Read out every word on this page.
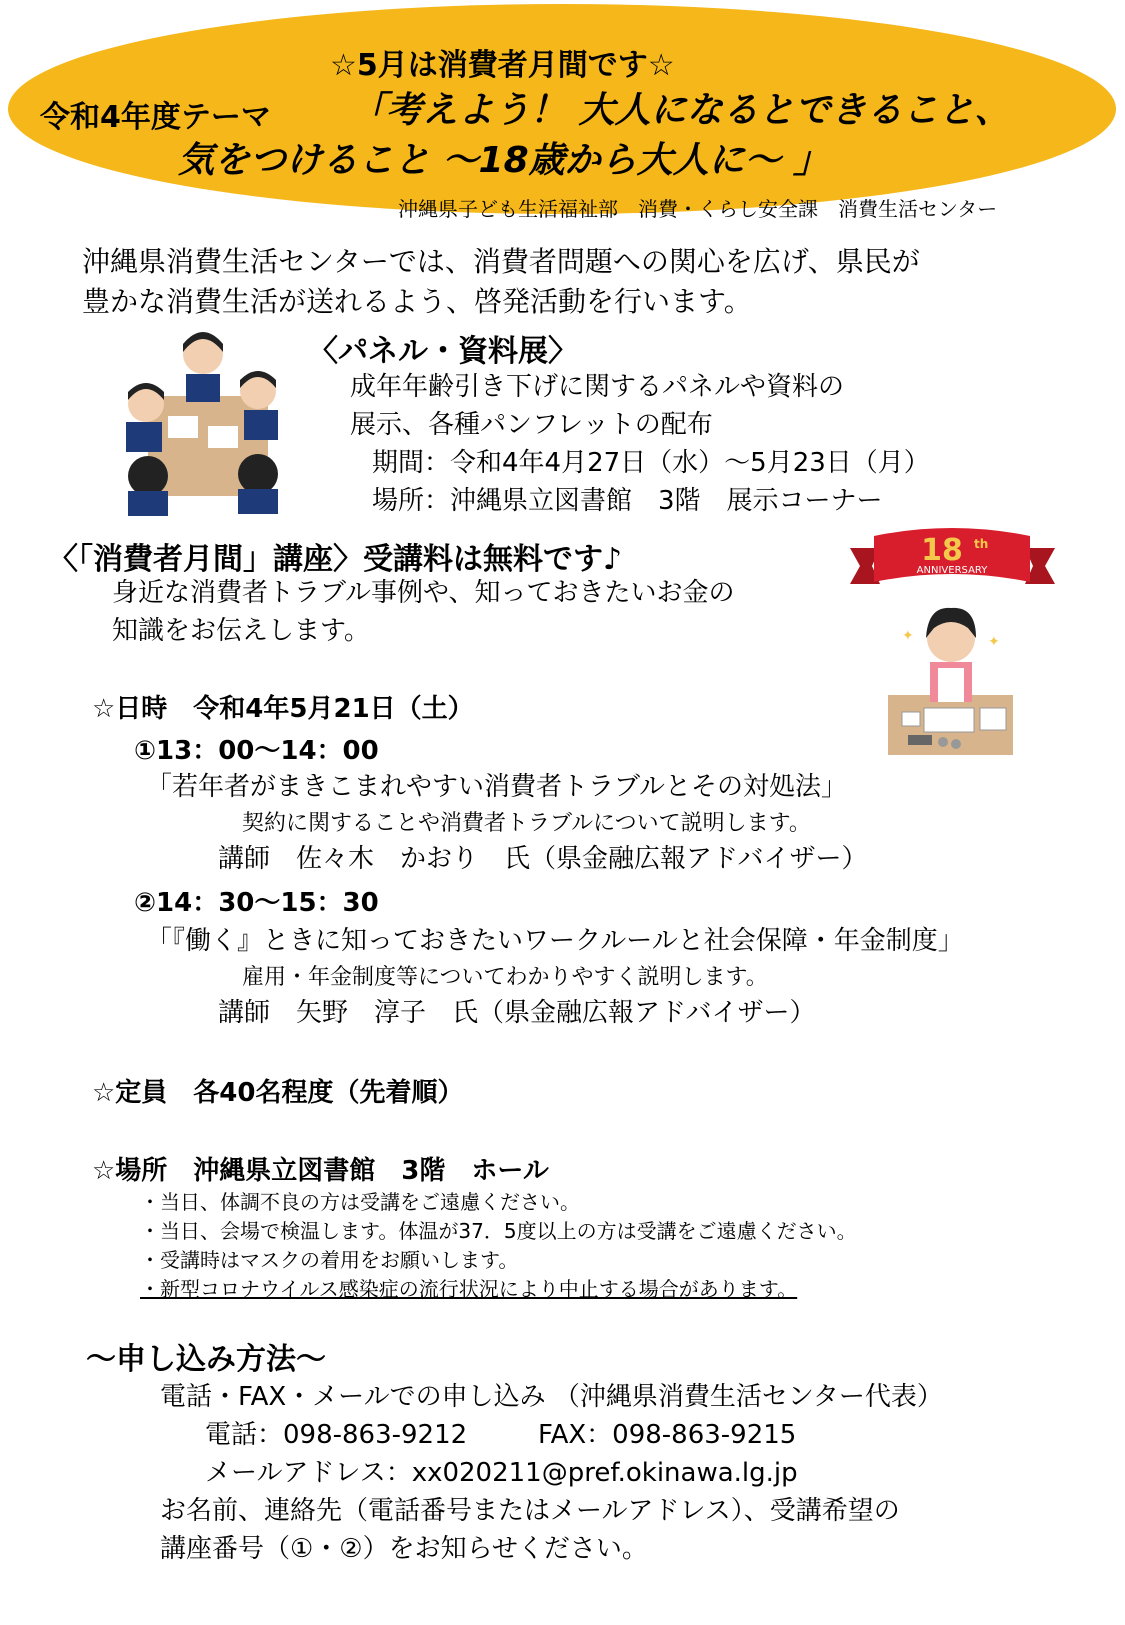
☆5月は消費者月間です☆
令和4年度テーマ 「考えよう！ 大人になるとできること、
気をつけること ～18歳から大人に～ 」
沖縄県子ども生活福祉部　消費・くらし安全課　消費生活センター
沖縄県消費生活センターでは、消費者問題への関心を広げ、県民が
豊かな消費生活が送れるよう、啓発活動を行います。
〈パネル・資料展〉
成年年齢引き下げに関するパネルや資料の
展示、各種パンフレットの配布
期間：令和4年4月27日（水）～5月23日（月）
場所：沖縄県立図書館　3階　展示コーナー
〈「消費者月間」講座〉受講料は無料です♪	18 th
ANNIVERSARY
✦	✦
身近な消費者トラブル事例や、知っておきたいお金の
知識をお伝えします。
☆日時　令和4年5月21日（土）
①13：00～14：00
「若年者がまきこまれやすい消費者トラブルとその対処法」
契約に関することや消費者トラブルについて説明します。
講師　佐々木　かおり　氏（県金融広報アドバイザー）
②14：30～15：30
「『働く』ときに知っておきたいワークルールと社会保障・年金制度」
雇用・年金制度等についてわかりやすく説明します。
講師　矢野　淳子　氏（県金融広報アドバイザー）
☆定員　各40名程度（先着順）
☆場所　沖縄県立図書館　3階　ホール
・当日、体調不良の方は受講をご遠慮ください。
・当日、会場で検温します。体温が37．5度以上の方は受講をご遠慮ください。
・受講時はマスクの着用をお願いします。
・新型コロナウイルス感染症の流行状況により中止する場合があります。
～申し込み方法～
電話・FAX・メールでの申し込み （沖縄県消費生活センター代表）
電話：098-863-9212	FAX：098-863-9215
メールアドレス：xx020211@pref.okinawa.lg.jp
お名前、連絡先（電話番号またはメールアドレス）、受講希望の
講座番号（①・②）をお知らせください。
